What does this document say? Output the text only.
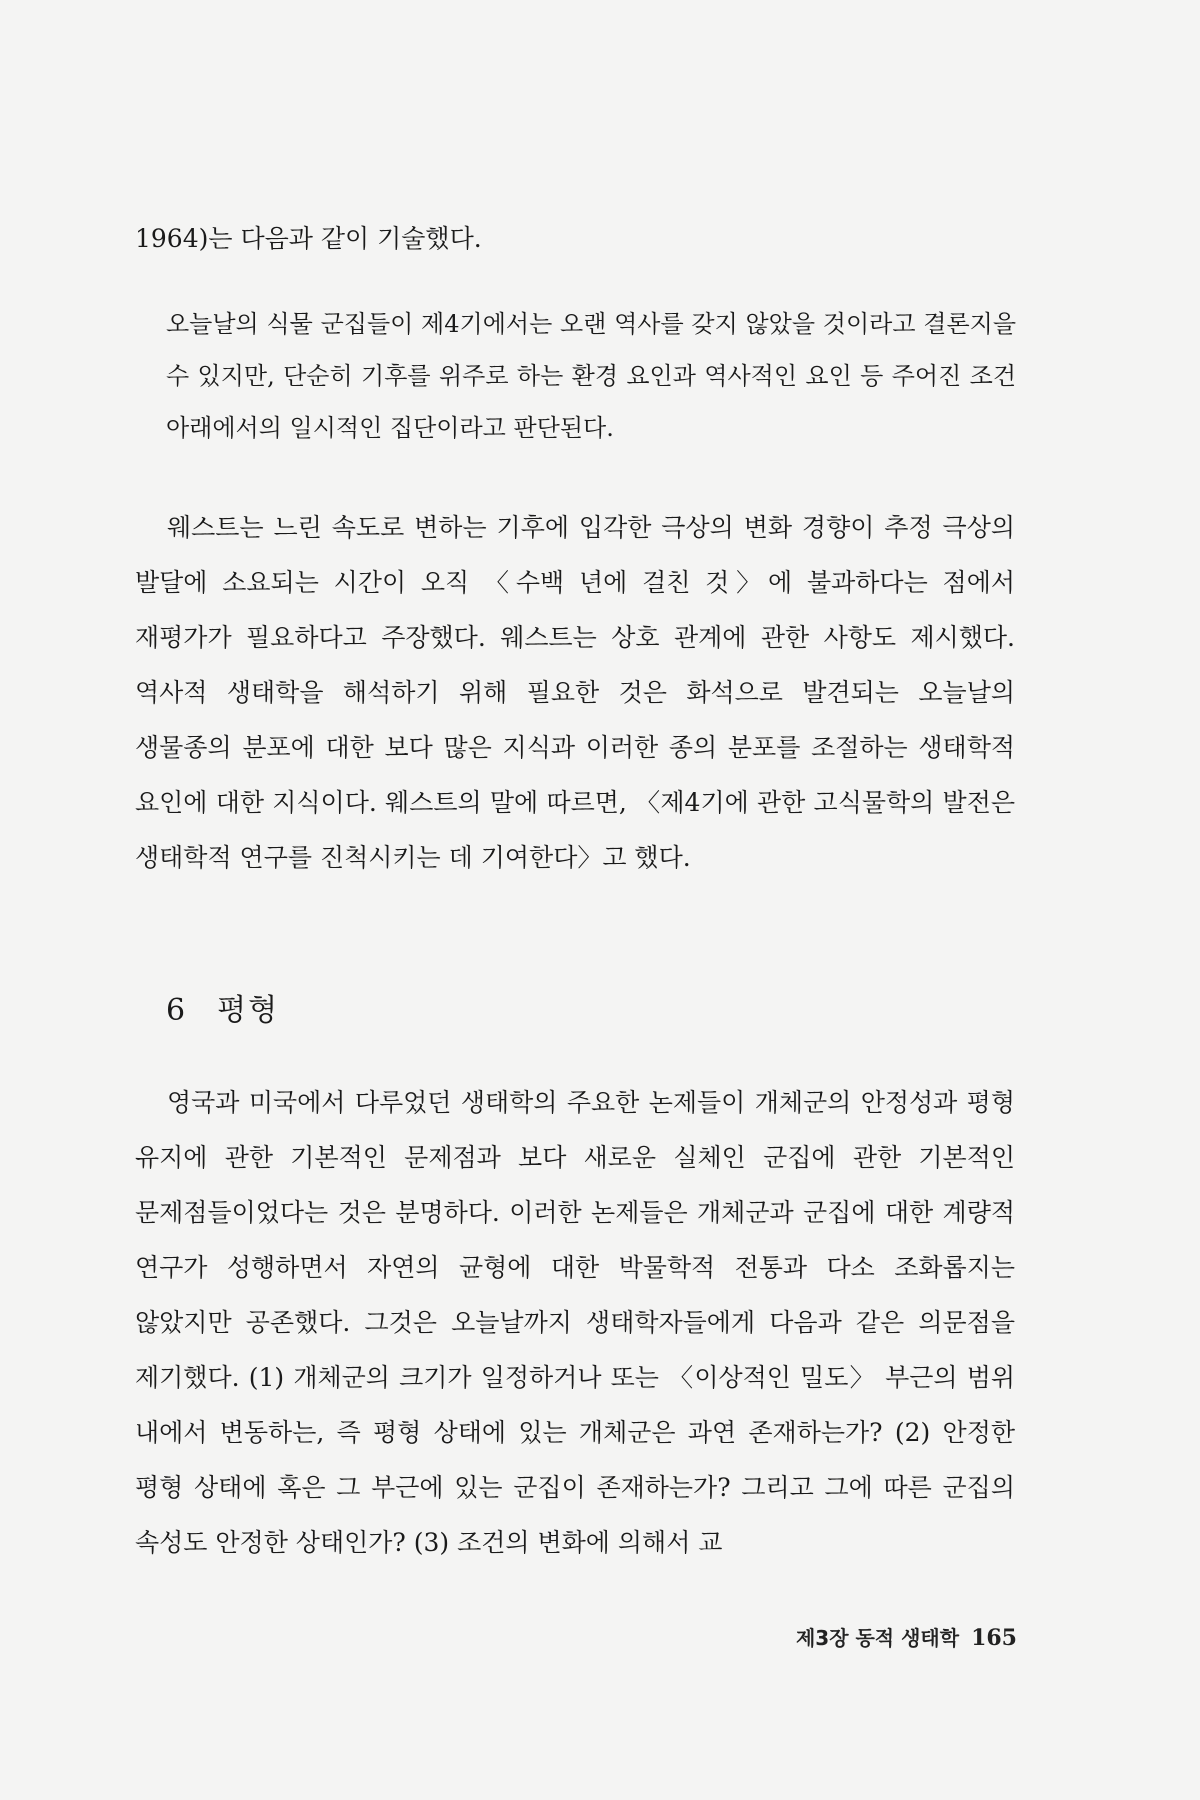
1964)는 다음과 같이 기술했다.

오늘날의 식물 군집들이 제4기에서는 오랜 역사를 갖지 않았을 것이라고 결론지을 수 있지만, 단순히 기후를 위주로 하는 환경 요인과 역사적인 요인 등 주어진 조건 아래에서의 일시적인 집단이라고 판단된다.

웨스트는 느린 속도로 변하는 기후에 입각한 극상의 변화 경향이 추정 극상의 발달에 소요되는 시간이 오직 〈수백 년에 걸친 것〉에 불과하다는 점에서 재평가가 필요하다고 주장했다. 웨스트는 상호 관계에 관한 사항도 제시했다. 역사적 생태학을 해석하기 위해 필요한 것은 화석으로 발견되는 오늘날의 생물종의 분포에 대한 보다 많은 지식과 이러한 종의 분포를 조절하는 생태학적 요인에 대한 지식이다. 웨스트의 말에 따르면, 〈제4기에 관한 고식물학의 발전은 생태학적 연구를 진척시키는 데 기여한다〉고 했다.

6 평형

영국과 미국에서 다루었던 생태학의 주요한 논제들이 개체군의 안정성과 평형 유지에 관한 기본적인 문제점과 보다 새로운 실체인 군집에 관한 기본적인 문제점들이었다는 것은 분명하다. 이러한 논제들은 개체군과 군집에 대한 계량적 연구가 성행하면서 자연의 균형에 대한 박물학적 전통과 다소 조화롭지는 않았지만 공존했다. 그것은 오늘날까지 생태학자들에게 다음과 같은 의문점을 제기했다. (1) 개체군의 크기가 일정하거나 또는 〈이상적인 밀도〉 부근의 범위 내에서 변동하는, 즉 평형 상태에 있는 개체군은 과연 존재하는가? (2) 안정한 평형 상태에 혹은 그 부근에 있는 군집이 존재하는가? 그리고 그에 따른 군집의 속성도 안정한 상태인가? (3) 조건의 변화에 의해서 교

제3장 동적 생태학 165
